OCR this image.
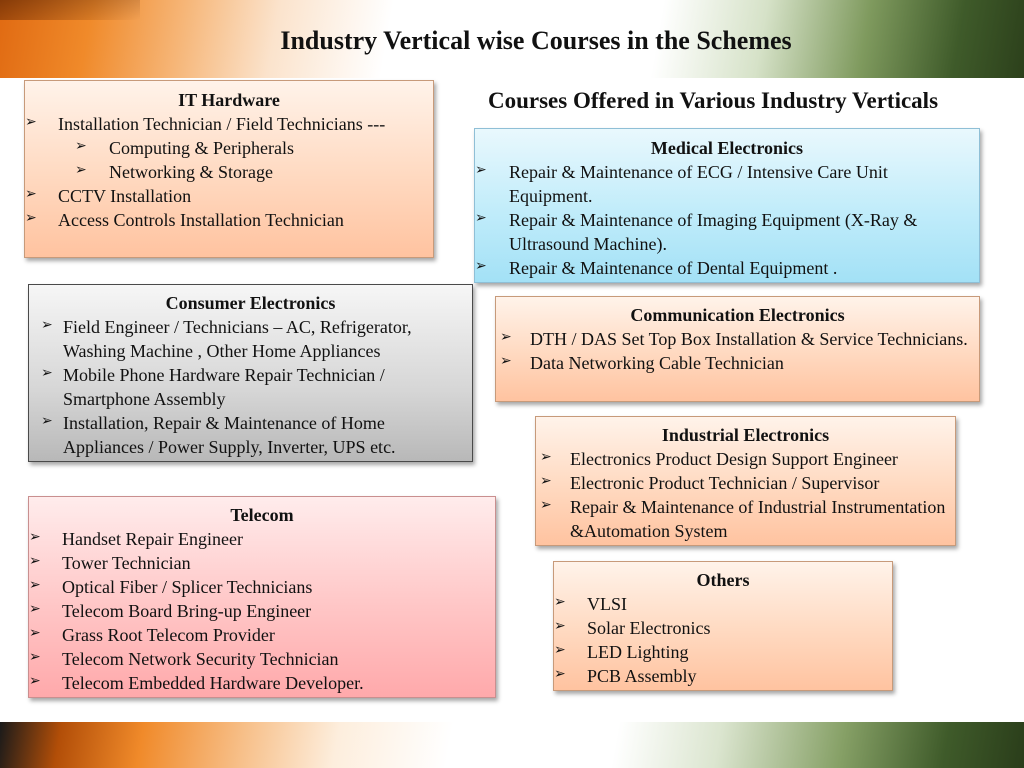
Industry Vertical wise Courses in the Schemes
Courses Offered in Various Industry Verticals
IT Hardware
➢ Installation Technician / Field Technicians ---
➢ Computing & Peripherals
➢ Networking & Storage
➢ CCTV Installation
➢ Access Controls Installation Technician
Medical Electronics
➢ Repair & Maintenance of ECG / Intensive Care Unit Equipment.
➢ Repair & Maintenance of Imaging Equipment (X-Ray & Ultrasound Machine).
➢ Repair & Maintenance of Dental Equipment .
Consumer Electronics
➢ Field Engineer / Technicians – AC, Refrigerator, Washing Machine , Other Home Appliances
➢ Mobile Phone Hardware Repair Technician / Smartphone Assembly
➢ Installation, Repair & Maintenance of Home Appliances / Power Supply, Inverter, UPS etc.
Communication Electronics
➢ DTH / DAS Set Top Box Installation & Service Technicians.
➢ Data Networking Cable Technician
Industrial Electronics
➢ Electronics Product Design Support Engineer
➢ Electronic Product Technician / Supervisor
➢ Repair & Maintenance of Industrial Instrumentation &Automation System
Telecom
➢ Handset Repair Engineer
➢ Tower Technician
➢ Optical Fiber / Splicer Technicians
➢ Telecom Board Bring-up Engineer
➢ Grass Root Telecom Provider
➢ Telecom Network Security Technician
➢ Telecom Embedded Hardware Developer.
Others
➢ VLSI
➢ Solar Electronics
➢ LED Lighting
➢ PCB Assembly
